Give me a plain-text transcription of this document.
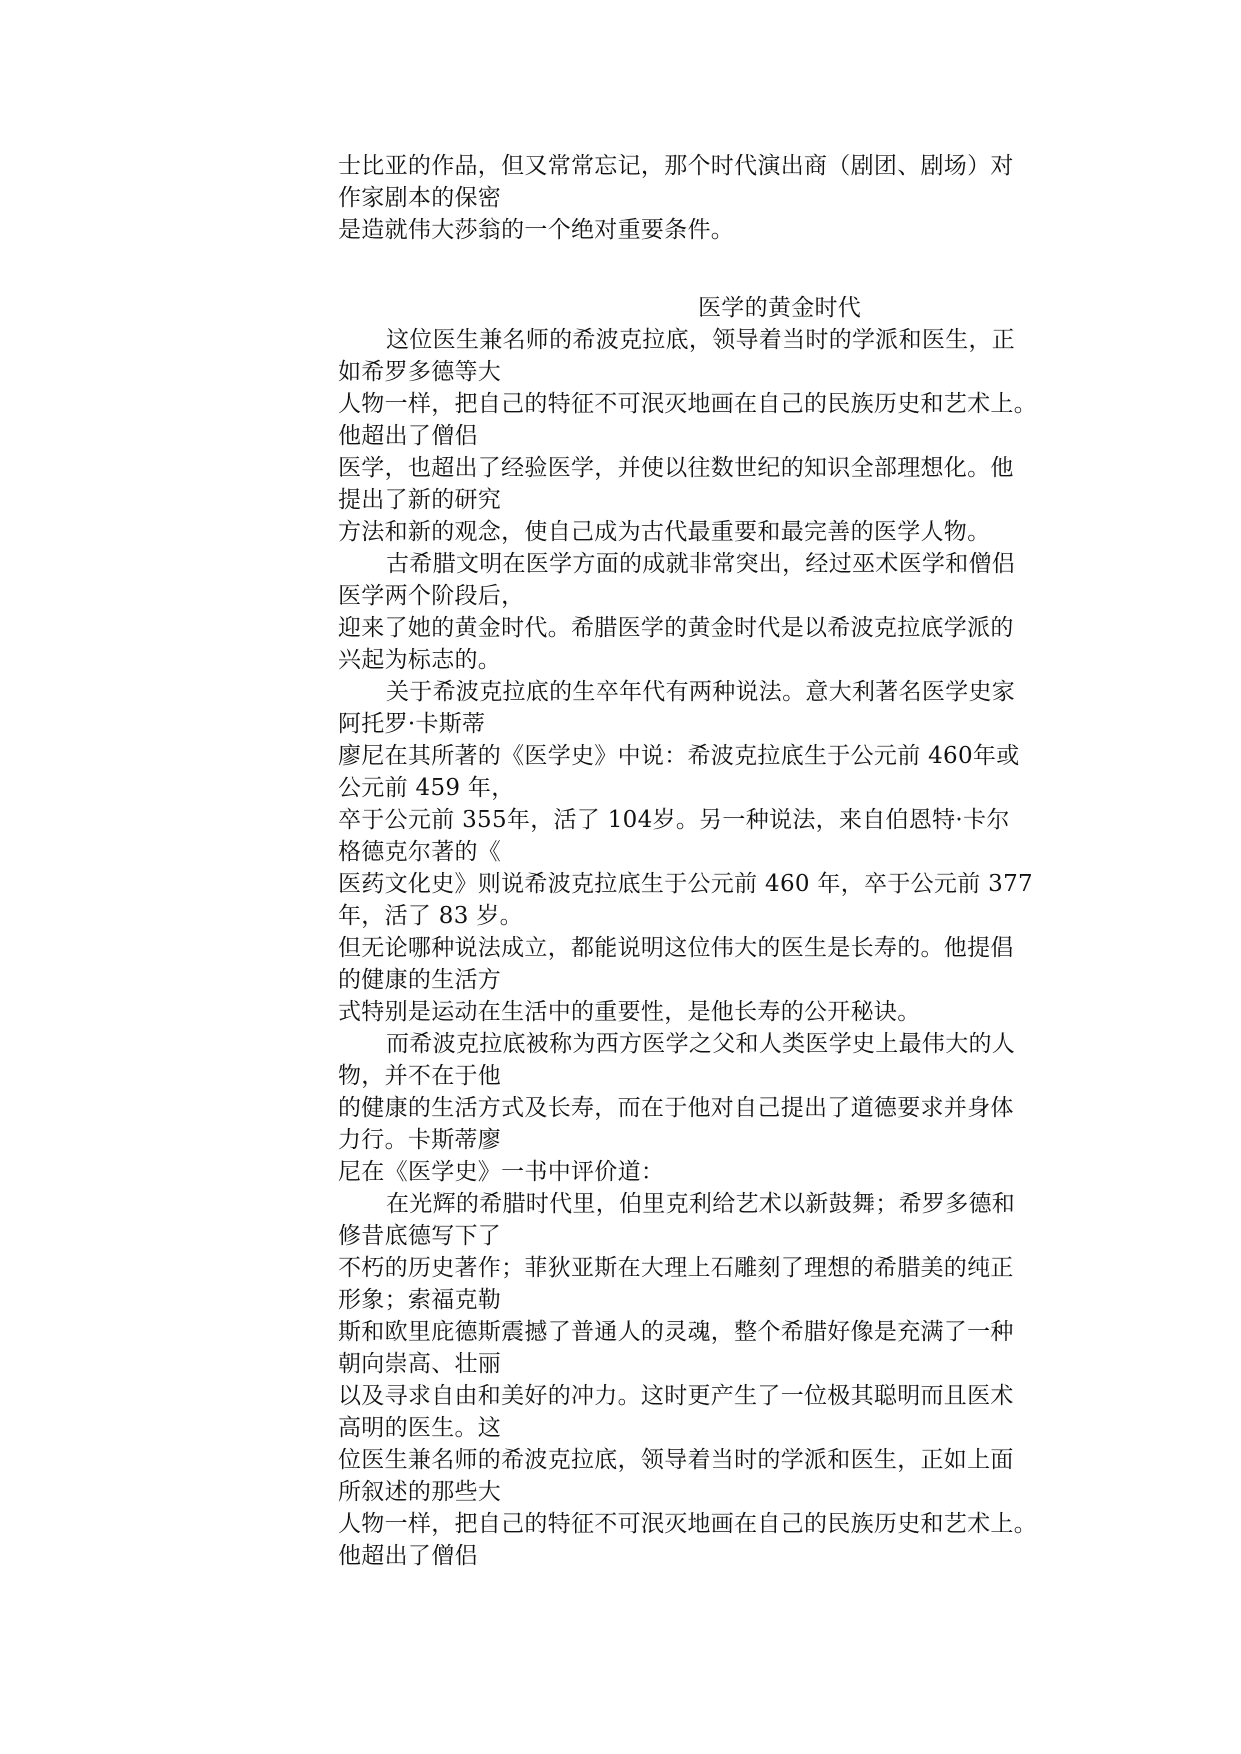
士比亚的作品，但又常常忘记，那个时代演出商（剧团、剧场）对
作家剧本的保密
是造就伟大莎翁的一个绝对重要条件。
医学的黄金时代
这位医生兼名师的希波克拉底，领导着当时的学派和医生，正
如希罗多德等大
人物一样，把自己的特征不可泯灭地画在自己的民族历史和艺术上。
他超出了僧侣
医学，也超出了经验医学，并使以往数世纪的知识全部理想化。他
提出了新的研究
方法和新的观念，使自己成为古代最重要和最完善的医学人物。
古希腊文明在医学方面的成就非常突出，经过巫术医学和僧侣
医学两个阶段后，
迎来了她的黄金时代。希腊医学的黄金时代是以希波克拉底学派的
兴起为标志的。
关于希波克拉底的生卒年代有两种说法。意大利著名医学史家
阿托罗·卡斯蒂
廖尼在其所著的《医学史》中说：希波克拉底生于公元前 460年或
公元前 459 年，
卒于公元前 355年，活了 104岁。另一种说法，来自伯恩特·卡尔
格德克尔著的《
医药文化史》则说希波克拉底生于公元前 460 年，卒于公元前 377
年，活了 83 岁。
但无论哪种说法成立，都能说明这位伟大的医生是长寿的。他提倡
的健康的生活方
式特别是运动在生活中的重要性，是他长寿的公开秘诀。
而希波克拉底被称为西方医学之父和人类医学史上最伟大的人
物，并不在于他
的健康的生活方式及长寿，而在于他对自己提出了道德要求并身体
力行。卡斯蒂廖
尼在《医学史》一书中评价道：
在光辉的希腊时代里，伯里克利给艺术以新鼓舞；希罗多德和
修昔底德写下了
不朽的历史著作；菲狄亚斯在大理上石雕刻了理想的希腊美的纯正
形象；索福克勒
斯和欧里庇德斯震撼了普通人的灵魂，整个希腊好像是充满了一种
朝向崇高、壮丽
以及寻求自由和美好的冲力。这时更产生了一位极其聪明而且医术
高明的医生。这
位医生兼名师的希波克拉底，领导着当时的学派和医生，正如上面
所叙述的那些大
人物一样，把自己的特征不可泯灭地画在自己的民族历史和艺术上。
他超出了僧侣
